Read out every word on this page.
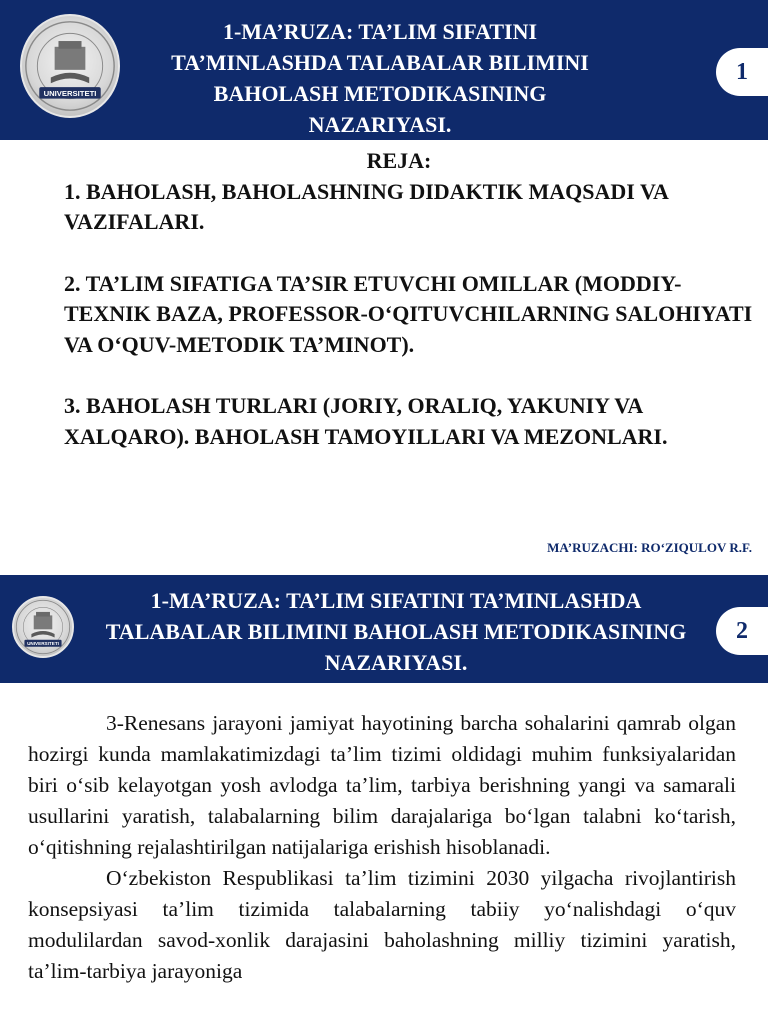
UNIVERSITETI
1-MA’RUZA: TA’LIM SIFATINI TA’MINLASHDA TALABALAR BILIMINI BAHOLASH METODIKASINING NAZARIYASI.
1
REJA:
1. BAHOLASH, BAHOLASHNING DIDAKTIK MAQSADI VA VAZIFALARI.
2. TA’LIM SIFATIGA TA’SIR ETUVCHI OMILLAR (MODDIY-TEXNIK BAZA, PROFESSOR-O‘QITUVCHILARNING SALOHIYATI VA O‘QUV-METODIK TA’MINOT).
3. BAHOLASH TURLARI (JORIY, ORALIQ, YAKUNIY VA XALQARO). BAHOLASH TAMOYILLARI VA MEZONLARI.
MA’RUZACHI: RO‘ZIQULOV R.F.
UNIVERSITETI
1-MA’RUZA: TA’LIM SIFATINI TA’MINLASHDA TALABALAR BILIMINI BAHOLASH METODIKASINING NAZARIYASI.
2

3-Renesans jarayoni jamiyat hayotining barcha sohalarini qamrab olgan hozirgi kunda mamlakatimizdagi ta’lim tizimi oldidagi muhim funksiyalaridan biri o‘sib kelayotgan yosh avlodga ta’lim, tarbiya berishning yangi va samarali usullarini yaratish, talabalarning bilim darajalariga bo‘lgan talabni ko‘tarish, o‘qitishning rejalashtirilgan natijalariga erishish hisoblanadi.

O‘zbekiston Respublikasi ta’lim tizimini 2030 yilgacha rivojlantirish konsepsiyasi ta’lim tizimida talabalarning tabiiy yo‘nalishdagi o‘quv modulilardan savod-xonlik darajasini baholashning milliy tizimini yaratish, ta’lim-tarbiya jarayoniga
